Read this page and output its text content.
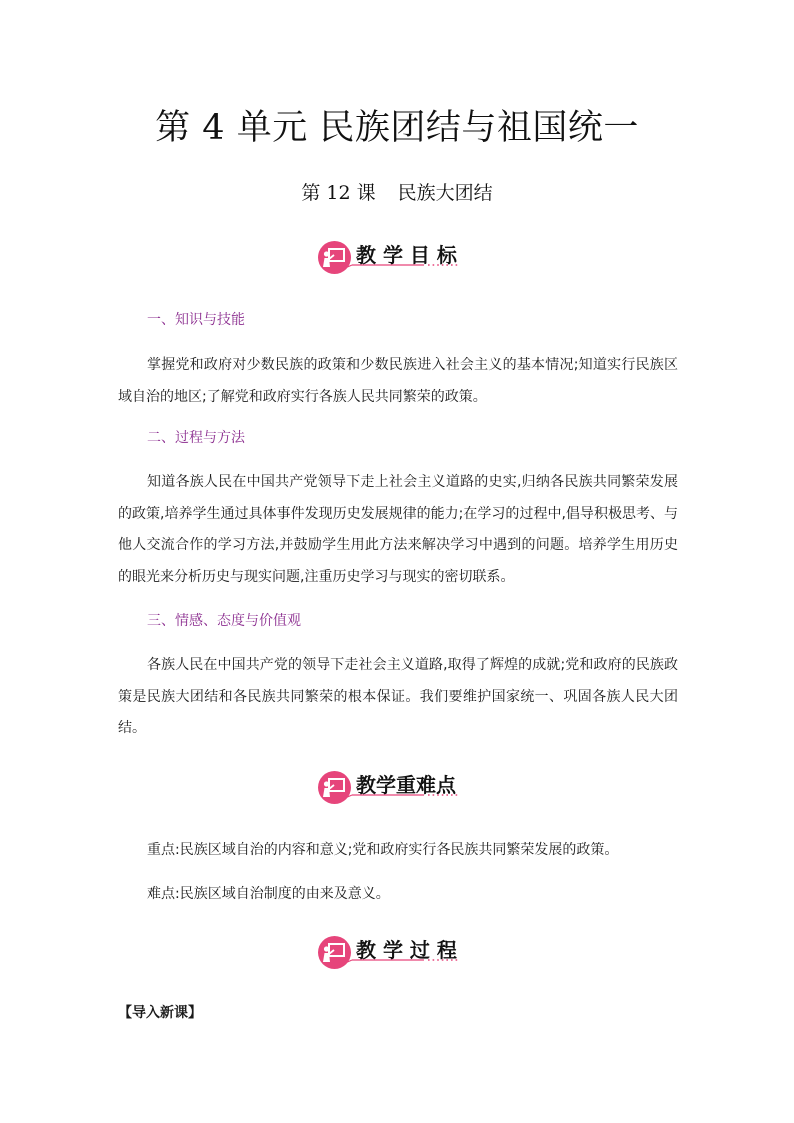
第 4 单元 民族团结与祖国统一
第 12 课 民族大团结
教 学 目 标
一、知识与技能
掌握党和政府对少数民族的政策和少数民族进入社会主义的基本情况;知道实行民族区域自治的地区;了解党和政府实行各族人民共同繁荣的政策。
二、过程与方法
知道各族人民在中国共产党领导下走上社会主义道路的史实,归纳各民族共同繁荣发展的政策,培养学生通过具体事件发现历史发展规律的能力;在学习的过程中,倡导积极思考、与他人交流合作的学习方法,并鼓励学生用此方法来解决学习中遇到的问题。培养学生用历史的眼光来分析历史与现实问题,注重历史学习与现实的密切联系。
三、情感、态度与价值观
各族人民在中国共产党的领导下走社会主义道路,取得了辉煌的成就;党和政府的民族政策是民族大团结和各民族共同繁荣的根本保证。我们要维护国家统一、巩固各族人民大团结。
教学重难点
重点:民族区域自治的内容和意义;党和政府实行各民族共同繁荣发展的政策。
难点:民族区域自治制度的由来及意义。
教 学 过 程
【导入新课】
